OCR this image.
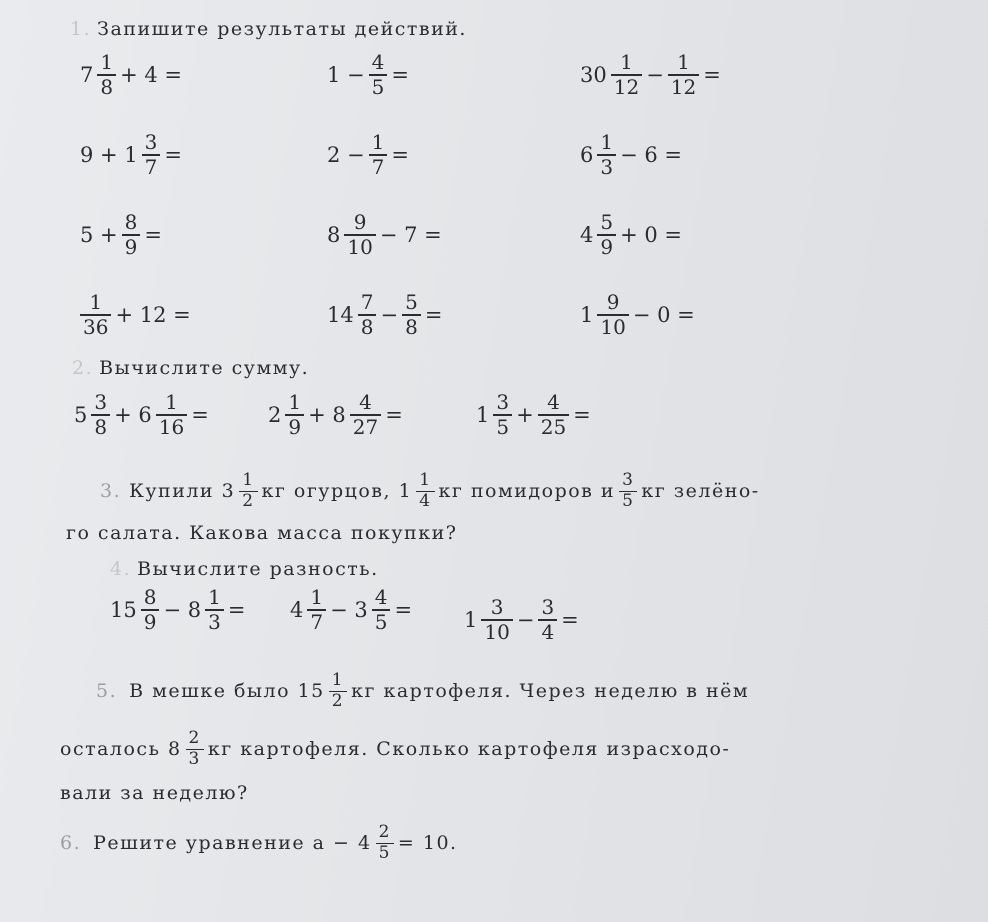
1. Запишите результаты действий.
$7 \frac{1}{8} + 4$ =	$1 - \frac{4}{5}$ =	$30 \frac{1}{12} - \frac{1}{12}$ =
$9 + 1 \frac{3}{7}$ =	$2 - \frac{1}{7}$ =	$6 \frac{1}{3} - 6$ =
$5 + \frac{8}{9}$ =	$8 \frac{9}{10} - 7$ =	$4 \frac{5}{9} + 0$ =
$\frac{1}{36} + 12$ =	$14 \frac{7}{8} - \frac{5}{8}$ =	$1 \frac{9}{10} - 0$ =
2. Вычислите сумму.
$5 \frac{3}{8} + 6 \frac{1}{16}$ =	$2 \frac{1}{9} + 8 \frac{4}{27}$ =	$1 \frac{3}{5} + \frac{4}{25}$ =
3. Купили $3 \frac{1}{2}$ кг огурцов, $1 \frac{1}{4}$ кг помидоров и $\frac{3}{5}$ кг зелёно-
го салата. Какова масса покупки?
4. Вычислите разность.
$15 \frac{8}{9} - 8 \frac{1}{3} = 4 \frac{1}{7} - 3 \frac{4}{5} = 1 \frac{3}{10} - \frac{3}{4}$ =
5. В мешке было $15 \frac{1}{2}$ кг картофеля. Через неделю в нём
осталось $8 \frac{2}{3}$ кг картофеля. Сколько картофеля израсходо-
вали за неделю?
6. Решите уравнение $a - 4 \frac{2}{5} = 10$.
